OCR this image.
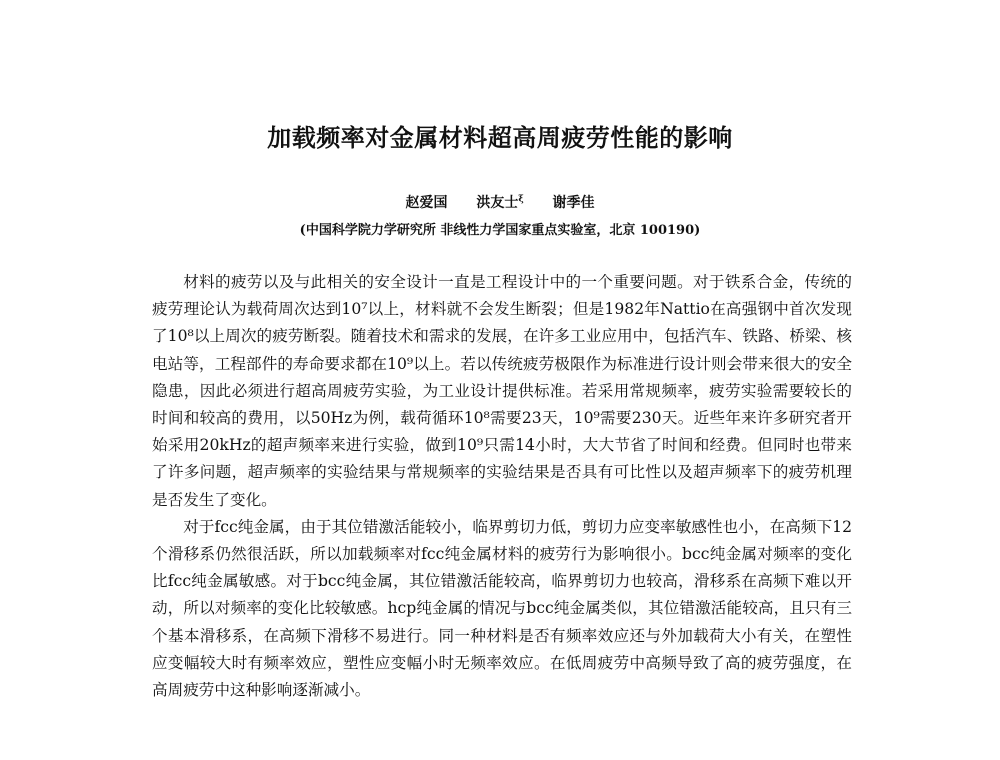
加载频率对金属材料超高周疲劳性能的影响
赵爱国 洪友士$^\xi$ 谢季佳
(中国科学院力学研究所 非线性力学国家重点实验室，北京 100190)

材料的疲劳以及与此相关的安全设计一直是工程设计中的一个重要问题。对于铁系合金，传统的疲劳理论认为载荷周次达到10⁷以上，材料就不会发生断裂；但是1982年Nattio在高强钢中首次发现了10⁸以上周次的疲劳断裂。随着技术和需求的发展，在许多工业应用中，包括汽车、铁路、桥梁、核电站等，工程部件的寿命要求都在10⁹以上。若以传统疲劳极限作为标准进行设计则会带来很大的安全隐患，因此必须进行超高周疲劳实验，为工业设计提供标准。若采用常规频率，疲劳实验需要较长的时间和较高的费用，以50Hz为例，载荷循环10⁸需要23天，10⁹需要230天。近些年来许多研究者开始采用20kHz的超声频率来进行实验，做到10⁹只需14小时，大大节省了时间和经费。但同时也带来了许多问题，超声频率的实验结果与常规频率的实验结果是否具有可比性以及超声频率下的疲劳机理是否发生了变化。

对于fcc纯金属，由于其位错激活能较小，临界剪切力低，剪切力应变率敏感性也小，在高频下12个滑移系仍然很活跃，所以加载频率对fcc纯金属材料的疲劳行为影响很小。bcc纯金属对频率的变化比fcc纯金属敏感。对于bcc纯金属，其位错激活能较高，临界剪切力也较高，滑移系在高频下难以开动，所以对频率的变化比较敏感。hcp纯金属的情况与bcc纯金属类似，其位错激活能较高，且只有三个基本滑移系，在高频下滑移不易进行。同一种材料是否有频率效应还与外加载荷大小有关，在塑性应变幅较大时有频率效应，塑性应变幅小时无频率效应。在低周疲劳中高频导致了高的疲劳强度，在高周疲劳中这种影响逐渐减小。
